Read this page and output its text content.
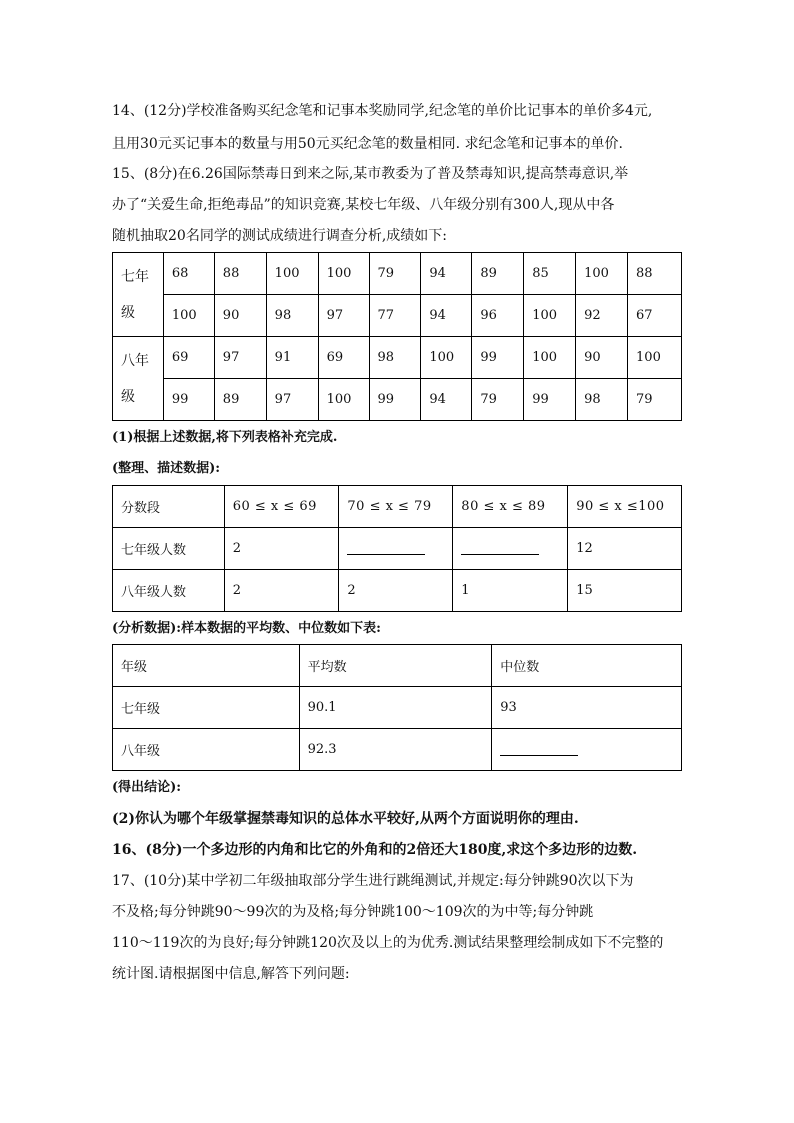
14、(12分)学校准备购买纪念笔和记事本奖励同学,纪念笔的单价比记事本的单价多4元,
且用30元买记事本的数量与用50元买纪念笔的数量相同. 求纪念笔和记事本的单价.
15、(8分)在6.26国际禁毒日到来之际,某市教委为了普及禁毒知识,提高禁毒意识,举
办了“关爱生命,拒绝毒品”的知识竞赛,某校七年级、八年级分别有300人,现从中各
随机抽取20名同学的测试成绩进行调查分析,成绩如下:
七年
级	68	88	100	100	79	94	89	85	100	88
	100	90	98	97	77	94	96	100	92	67
八年
级	69	97	91	69	98	100	99	100	90	100
	99	89	97	100	99	94	79	99	98	79
(1)根据上述数据,将下列表格补充完成.
(整理、描述数据):
分数段	60 ≤ x ≤ 69	70 ≤ x ≤ 79	80 ≤ x ≤ 89	90 ≤ x ≤100
七年级人数	2			12
八年级人数	2	2	1	15
(分析数据):样本数据的平均数、中位数如下表:
年级	平均数	中位数
七年级	90.1	93
八年级	92.3	
(得出结论):
(2)你认为哪个年级掌握禁毒知识的总体水平较好,从两个方面说明你的理由.
16、(8分)一个多边形的内角和比它的外角和的2倍还大180度,求这个多边形的边数.
17、(10分)某中学初二年级抽取部分学生进行跳绳测试,并规定:每分钟跳90次以下为
不及格;每分钟跳90～99次的为及格;每分钟跳100～109次的为中等;每分钟跳
110～119次的为良好;每分钟跳120次及以上的为优秀.测试结果整理绘制成如下不完整的
统计图.请根据图中信息,解答下列问题:
